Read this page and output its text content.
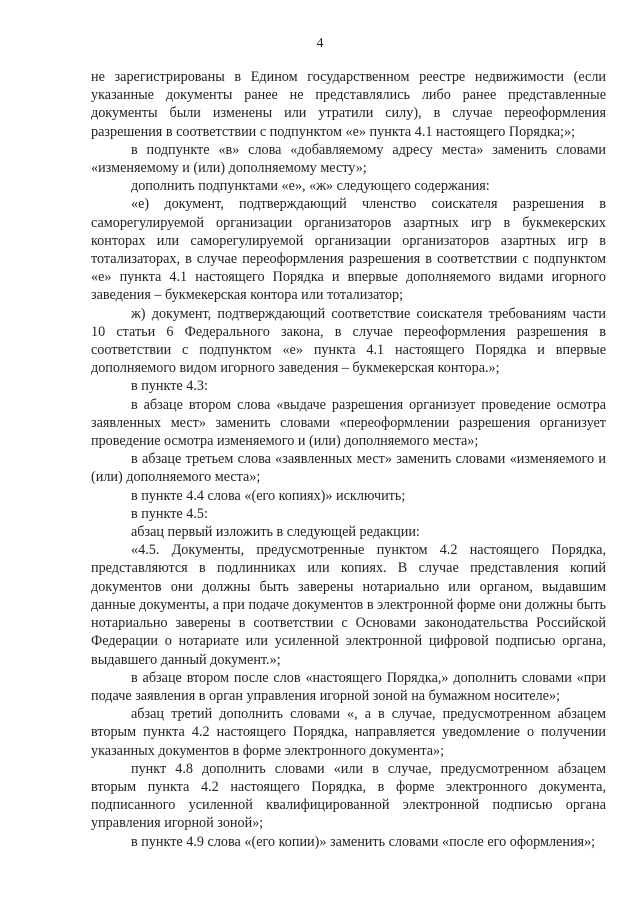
4

не зарегистрированы в Едином государственном реестре недвижимости (если указанные документы ранее не представлялись либо ранее представленные документы были изменены или утратили силу), в случае переоформления разрешения в соответствии с подпунктом «е» пункта 4.1 настоящего Порядка;»;

в подпункте «в» слова «добавляемому адресу места» заменить словами «изменяемому и (или) дополняемому месту»;

дополнить подпунктами «е», «ж» следующего содержания:

«е) документ, подтверждающий членство соискателя разрешения в саморегулируемой организации организаторов азартных игр в букмекерских конторах или саморегулируемой организации организаторов азартных игр в тотализаторах, в случае переоформления разрешения в соответствии с подпунктом «е» пункта 4.1 настоящего Порядка и впервые дополняемого видами игорного заведения – букмекерская контора или тотализатор;

ж) документ, подтверждающий соответствие соискателя требованиям части 10 статьи 6 Федерального закона, в случае переоформления разрешения в соответствии с подпунктом «е» пункта 4.1 настоящего Порядка и впервые дополняемого видом игорного заведения – букмекерская контора.»;

в пункте 4.3:

в абзаце втором слова «выдаче разрешения организует проведение осмотра заявленных мест» заменить словами «переоформлении разрешения организует проведение осмотра изменяемого и (или) дополняемого места»;

в абзаце третьем слова «заявленных мест» заменить словами «изменяемого и (или) дополняемого места»;

в пункте 4.4 слова «(его копиях)» исключить;

в пункте 4.5:

абзац первый изложить в следующей редакции:

«4.5. Документы, предусмотренные пунктом 4.2 настоящего Порядка, представляются в подлинниках или копиях. В случае представления копий документов они должны быть заверены нотариально или органом, выдавшим данные документы, а при подаче документов в электронной форме они должны быть нотариально заверены в соответствии с Основами законодательства Российской Федерации о нотариате или усиленной электронной цифровой подписью органа, выдавшего данный документ.»;

в абзаце втором после слов «настоящего Порядка,» дополнить словами «при подаче заявления в орган управления игорной зоной на бумажном носителе»;

абзац третий дополнить словами «, а в случае, предусмотренном абзацем вторым пункта 4.2 настоящего Порядка, направляется уведомление о получении указанных документов в форме электронного документа»;

пункт 4.8 дополнить словами «или в случае, предусмотренном абзацем вторым пункта 4.2 настоящего Порядка, в форме электронного документа, подписанного усиленной квалифицированной электронной подписью органа управления игорной зоной»;

в пункте 4.9 слова «(его копии)» заменить словами «после его оформления»;
